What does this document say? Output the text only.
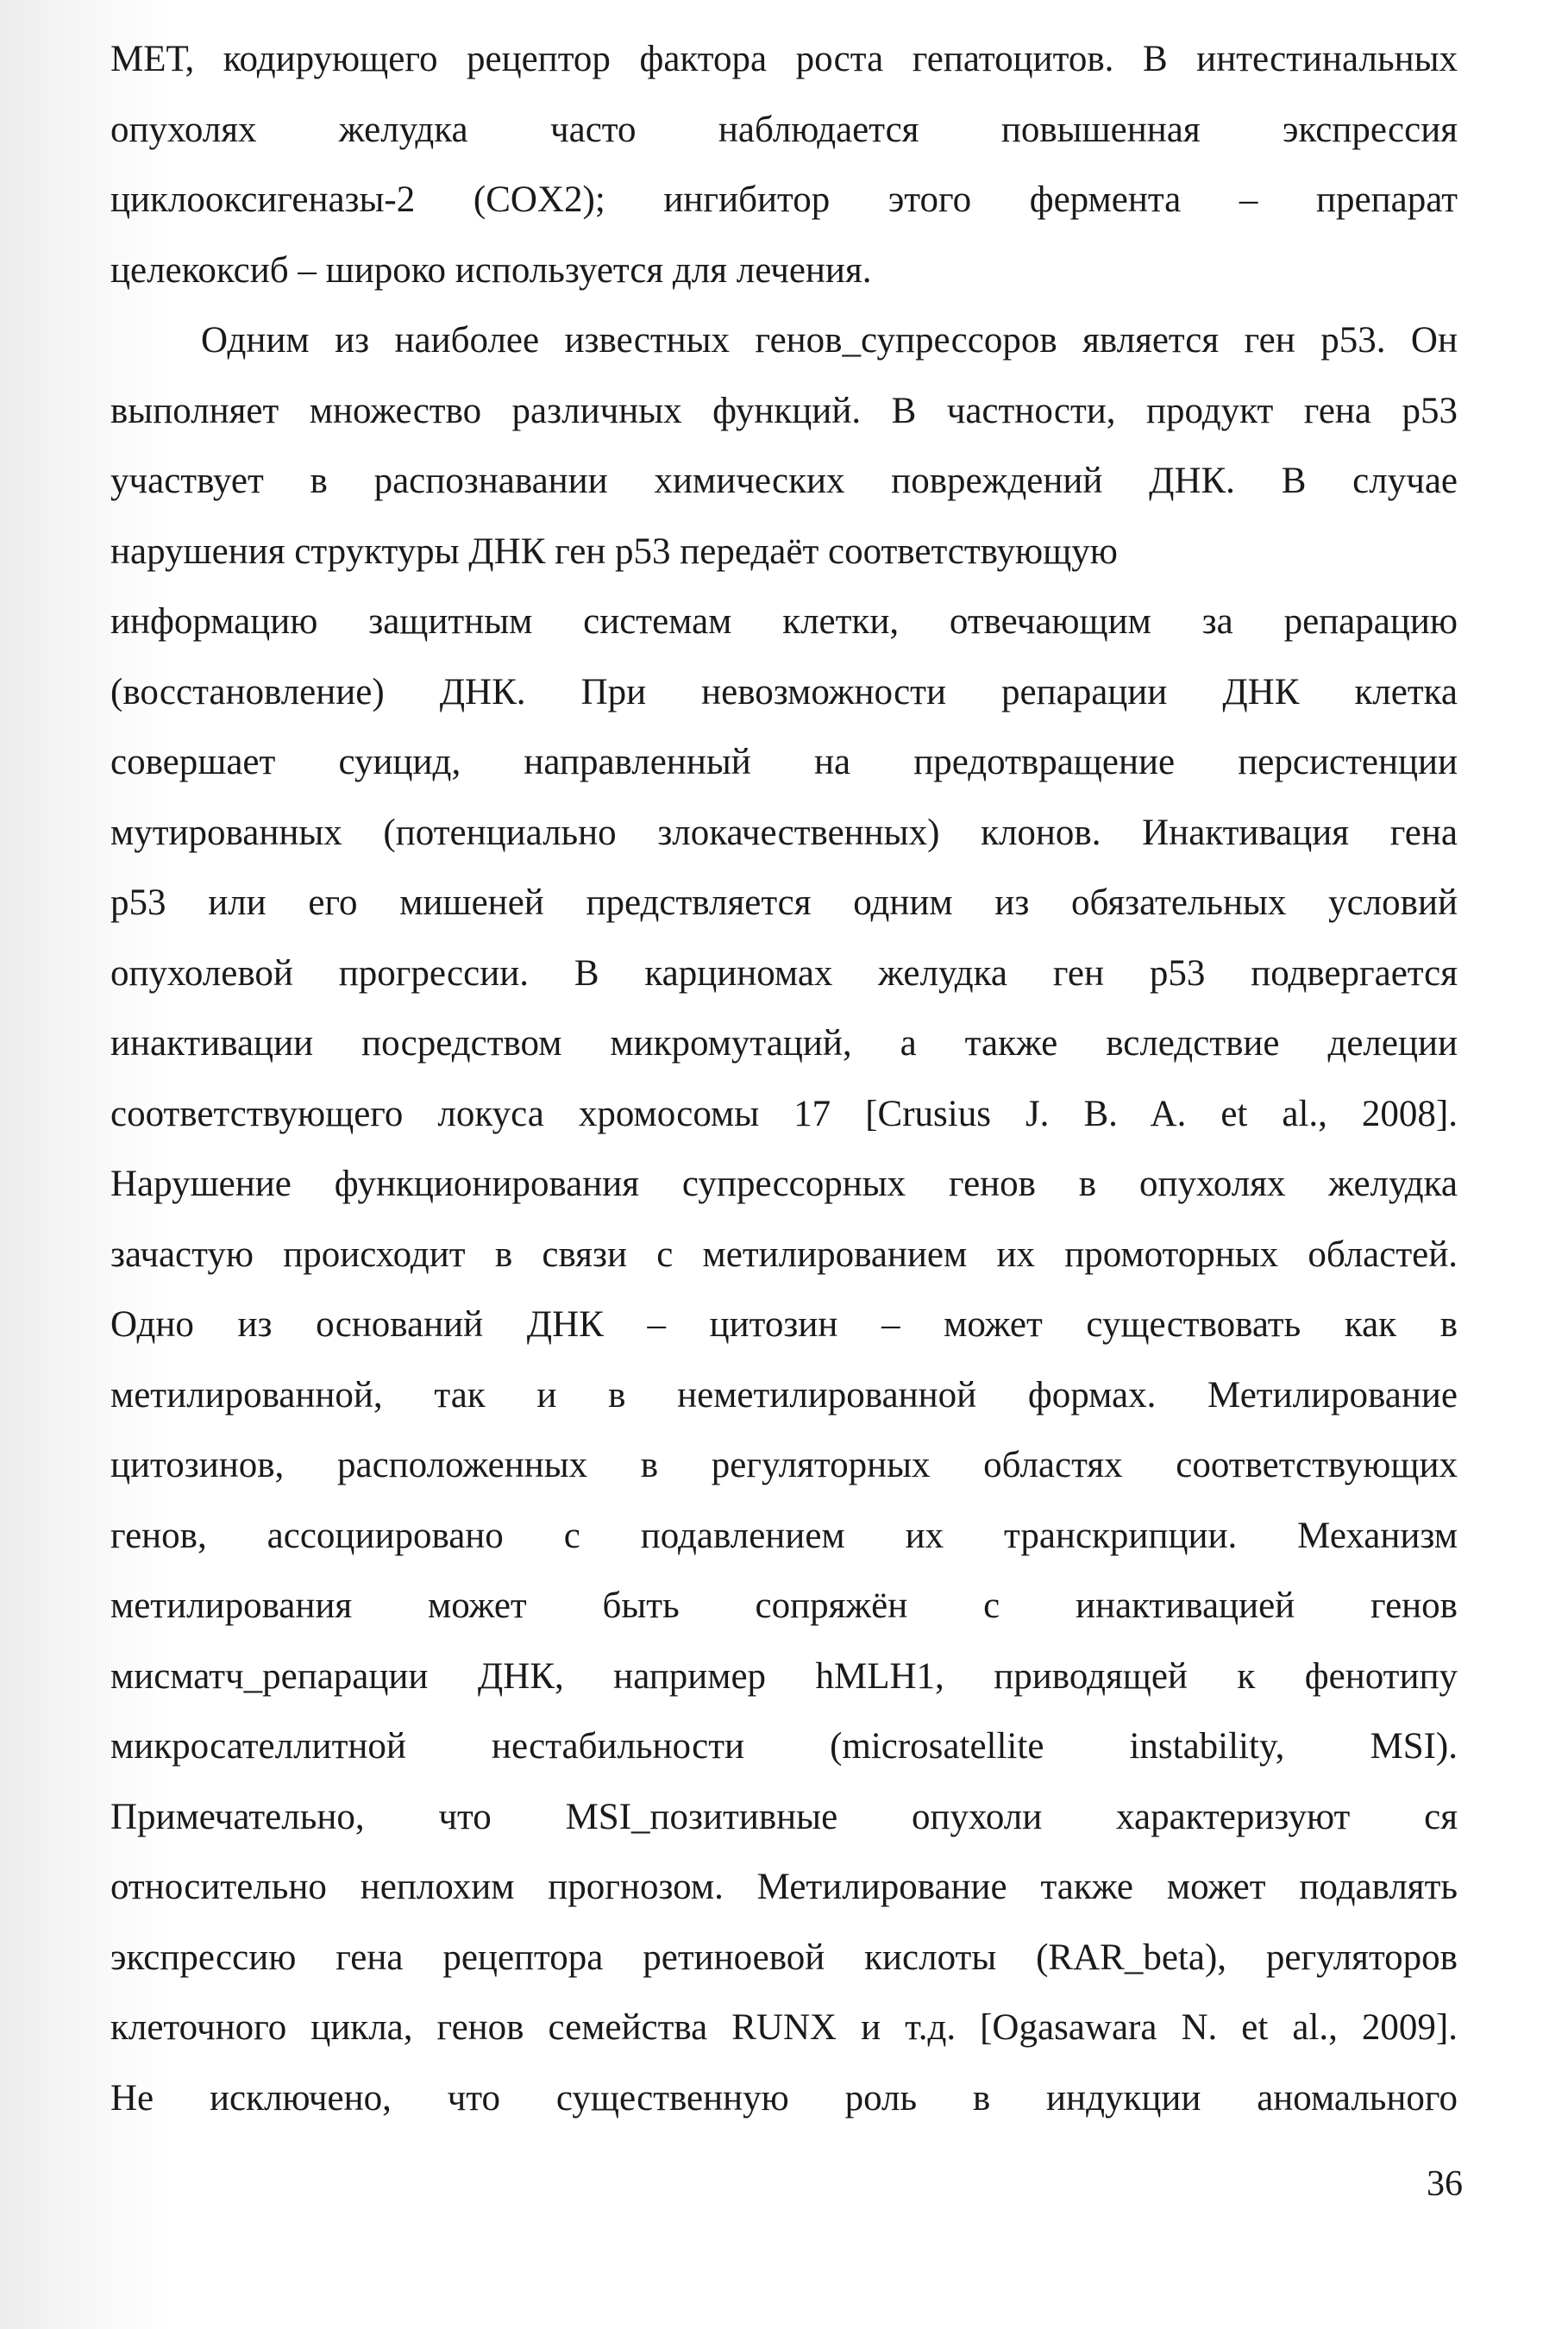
МЕТ, кодирующего рецептор фактора роста гепатоцитов. В интестинальных
опухолях желудка часто наблюдается повышенная экспрессия
циклооксигеназы-2 (COX2); ингибитор этого фермента – препарат
целекоксиб – широко используется для лечения.
Одним из наиболее известных генов_супрессоров является ген p53. Он
выполняет множество различных функций. В частности, продукт гена p53
участвует в распознавании химических повреждений ДНК. В случае
нарушения структуры ДНК ген p53 передаёт соответствующую
информацию защитным системам клетки, отвечающим за репарацию
(восстановление) ДНК. При невозможности репарации ДНК клетка
совершает суицид, направленный на предотвращение персистенции
мутированных (потенциально злокачественных) клонов. Инактивация гена
p53 или его мишеней предствляется одним из обязательных условий
опухолевой прогрессии. В карциномах желудка ген p53 подвергается
инактивации посредством микромутаций, а также вследствие делеции
соответствующего локуса хромосомы 17 [Crusius J. B. A. et al., 2008].
Нарушение функционирования супрессорных генов в опухолях желудка
зачастую происходит в связи с метилированием их промоторных областей.
Одно из оснований ДНК – цитозин – может существовать как в
метилированной, так и в неметилированной формах. Метилирование
цитозинов, расположенных в регуляторных областях соответствующих
генов, ассоциировано с подавлением их транскрипции. Механизм
метилирования может быть сопряжён с инактивацией генов
мисматч_репарации ДНК, например hMLH1, приводящей к фенотипу
микросателлитной нестабильности (microsatellite instability, MSI).
Примечательно, что MSI_позитивные опухоли характеризуют ся
относительно неплохим прогнозом. Метилирование также может подавлять
экспрессию гена рецептора ретиноевой кислоты (RAR_beta), регуляторов
клеточного цикла, генов семейства RUNX и т.д. [Ogasawara N. et al., 2009].
Не исключено, что существенную роль в индукции аномального
36
